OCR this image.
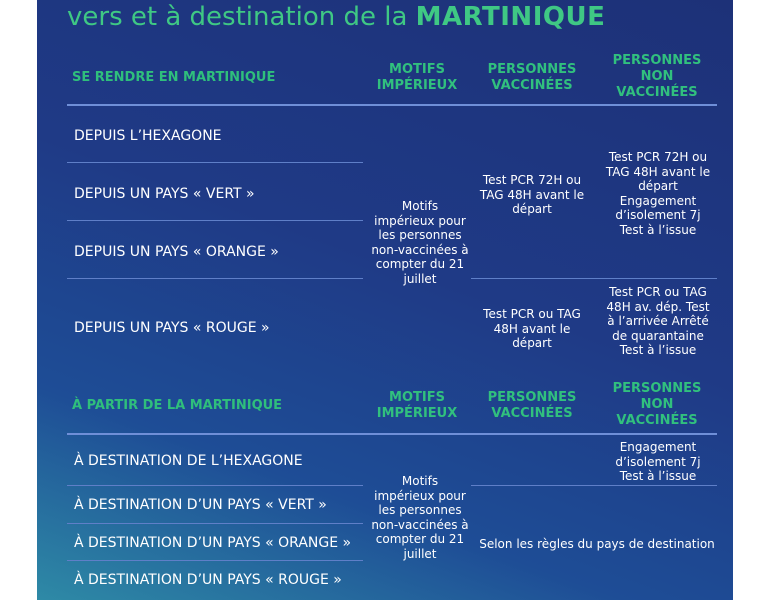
vers et à destination de la MARTINIQUE
SE RENDRE EN MARTINIQUE
MOTIFS IMPÉRIEUX
PERSONNES VACCINÉES
PERSONNES NON VACCINÉES
DEPUIS L’HEXAGONE
DEPUIS UN PAYS « VERT »
DEPUIS UN PAYS « ORANGE »
DEPUIS UN PAYS « ROUGE »
Motifs impérieux pour les personnes non-vaccinées à compter du 21 juillet
Test PCR 72H ou TAG 48H avant le départ
Test PCR ou TAG 48H avant le départ
Test PCR 72H ou TAG 48H avant le départ Engagement d’isolement 7j Test à l’issue
Test PCR ou TAG 48H av. dép. Test à l’arrivée Arrêté de quarantaine Test à l’issue
À PARTIR DE LA MARTINIQUE
MOTIFS IMPÉRIEUX
PERSONNES VACCINÉES
PERSONNES NON VACCINÉES
À DESTINATION DE L’HEXAGONE
À DESTINATION D’UN PAYS « VERT »
À DESTINATION D’UN PAYS « ORANGE »
À DESTINATION D’UN PAYS « ROUGE »
Motifs impérieux pour les personnes non-vaccinées à compter du 21 juillet
Engagement d’isolement 7j Test à l’issue
Selon les règles du pays de destination
